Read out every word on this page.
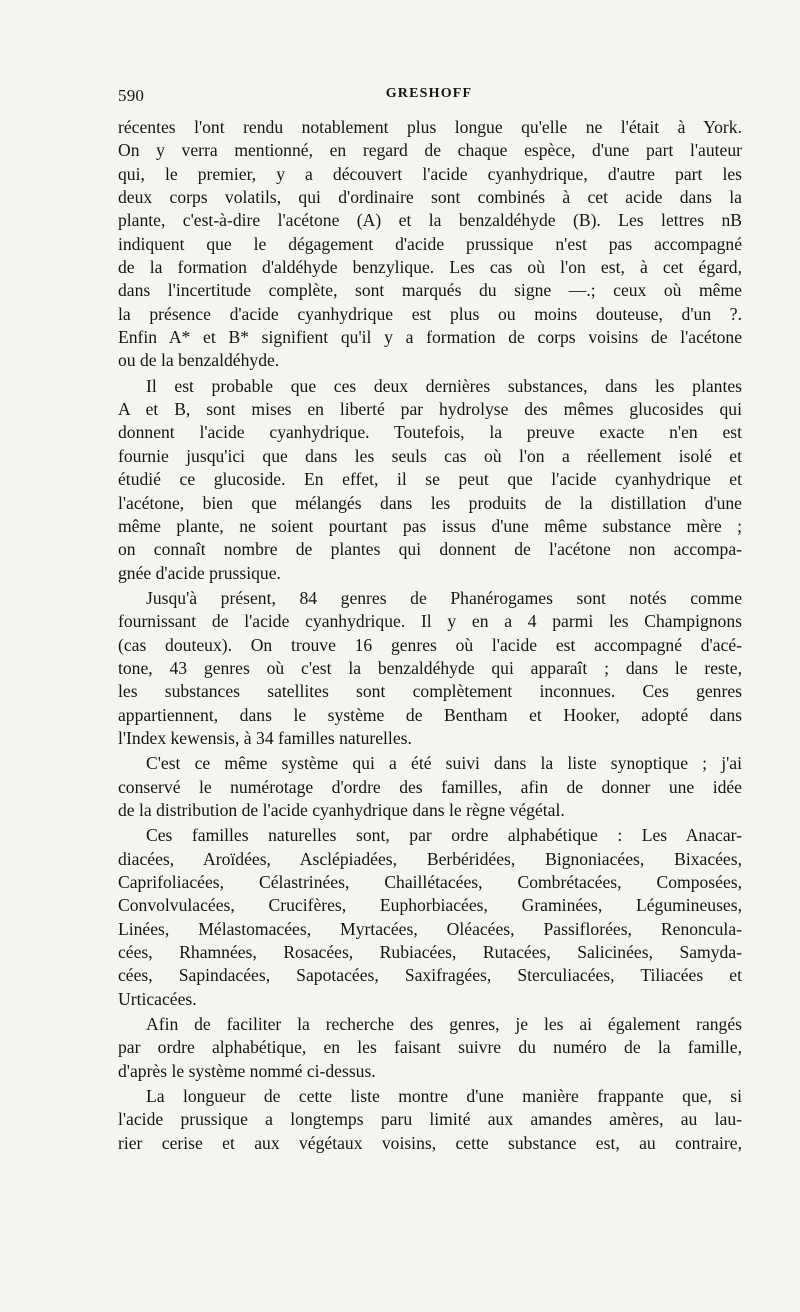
590	GRESHOFF
récentes l'ont rendu notablement plus longue qu'elle ne l'était à York.
On y verra mentionné, en regard de chaque espèce, d'une part l'auteur
qui, le premier, y a découvert l'acide cyanhydrique, d'autre part les
deux corps volatils, qui d'ordinaire sont combinés à cet acide dans la
plante, c'est-à-dire l'acétone (A) et la benzaldéhyde (B). Les lettres nB
indiquent que le dégagement d'acide prussique n'est pas accompagné
de la formation d'aldéhyde benzylique. Les cas où l'on est, à cet égard,
dans l'incertitude complète, sont marqués du signe —.; ceux où même
la présence d'acide cyanhydrique est plus ou moins douteuse, d'un ?.
Enfin A* et B* signifient qu'il y a formation de corps voisins de l'acétone
ou de la benzaldéhyde.
Il est probable que ces deux dernières substances, dans les plantes
A et B, sont mises en liberté par hydrolyse des mêmes glucosides qui
donnent l'acide cyanhydrique. Toutefois, la preuve exacte n'en est
fournie jusqu'ici que dans les seuls cas où l'on a réellement isolé et
étudié ce glucoside. En effet, il se peut que l'acide cyanhydrique et
l'acétone, bien que mélangés dans les produits de la distillation d'une
même plante, ne soient pourtant pas issus d'une même substance mère ;
on connaît nombre de plantes qui donnent de l'acétone non accompa-
gnée d'acide prussique.
Jusqu'à présent, 84 genres de Phanérogames sont notés comme
fournissant de l'acide cyanhydrique. Il y en a 4 parmi les Champignons
(cas douteux). On trouve 16 genres où l'acide est accompagné d'acé-
tone, 43 genres où c'est la benzaldéhyde qui apparaît ; dans le reste,
les substances satellites sont complètement inconnues. Ces genres
appartiennent, dans le système de Bentham et Hooker, adopté dans
l'Index kewensis, à 34 familles naturelles.
C'est ce même système qui a été suivi dans la liste synoptique ; j'ai
conservé le numérotage d'ordre des familles, afin de donner une idée
de la distribution de l'acide cyanhydrique dans le règne végétal.
Ces familles naturelles sont, par ordre alphabétique : Les Anacar-
diacées, Aroïdées, Asclépiadées, Berbéridées, Bignoniacées, Bixacées,
Caprifoliacées, Célastrinées, Chaillétacées, Combrétacées, Composées,
Convolvulacées, Crucifères, Euphorbiacées, Graminées, Légumineuses,
Linées, Mélastomacées, Myrtacées, Oléacées, Passiflorées, Renoncula-
cées, Rhamnées, Rosacées, Rubiacées, Rutacées, Salicinées, Samyda-
cées, Sapindacées, Sapotacées, Saxifragées, Sterculiacées, Tiliacées et
Urticacées.
Afin de faciliter la recherche des genres, je les ai également rangés
par ordre alphabétique, en les faisant suivre du numéro de la famille,
d'après le système nommé ci-dessus.
La longueur de cette liste montre d'une manière frappante que, si
l'acide prussique a longtemps paru limité aux amandes amères, au lau-
rier cerise et aux végétaux voisins, cette substance est, au contraire,
